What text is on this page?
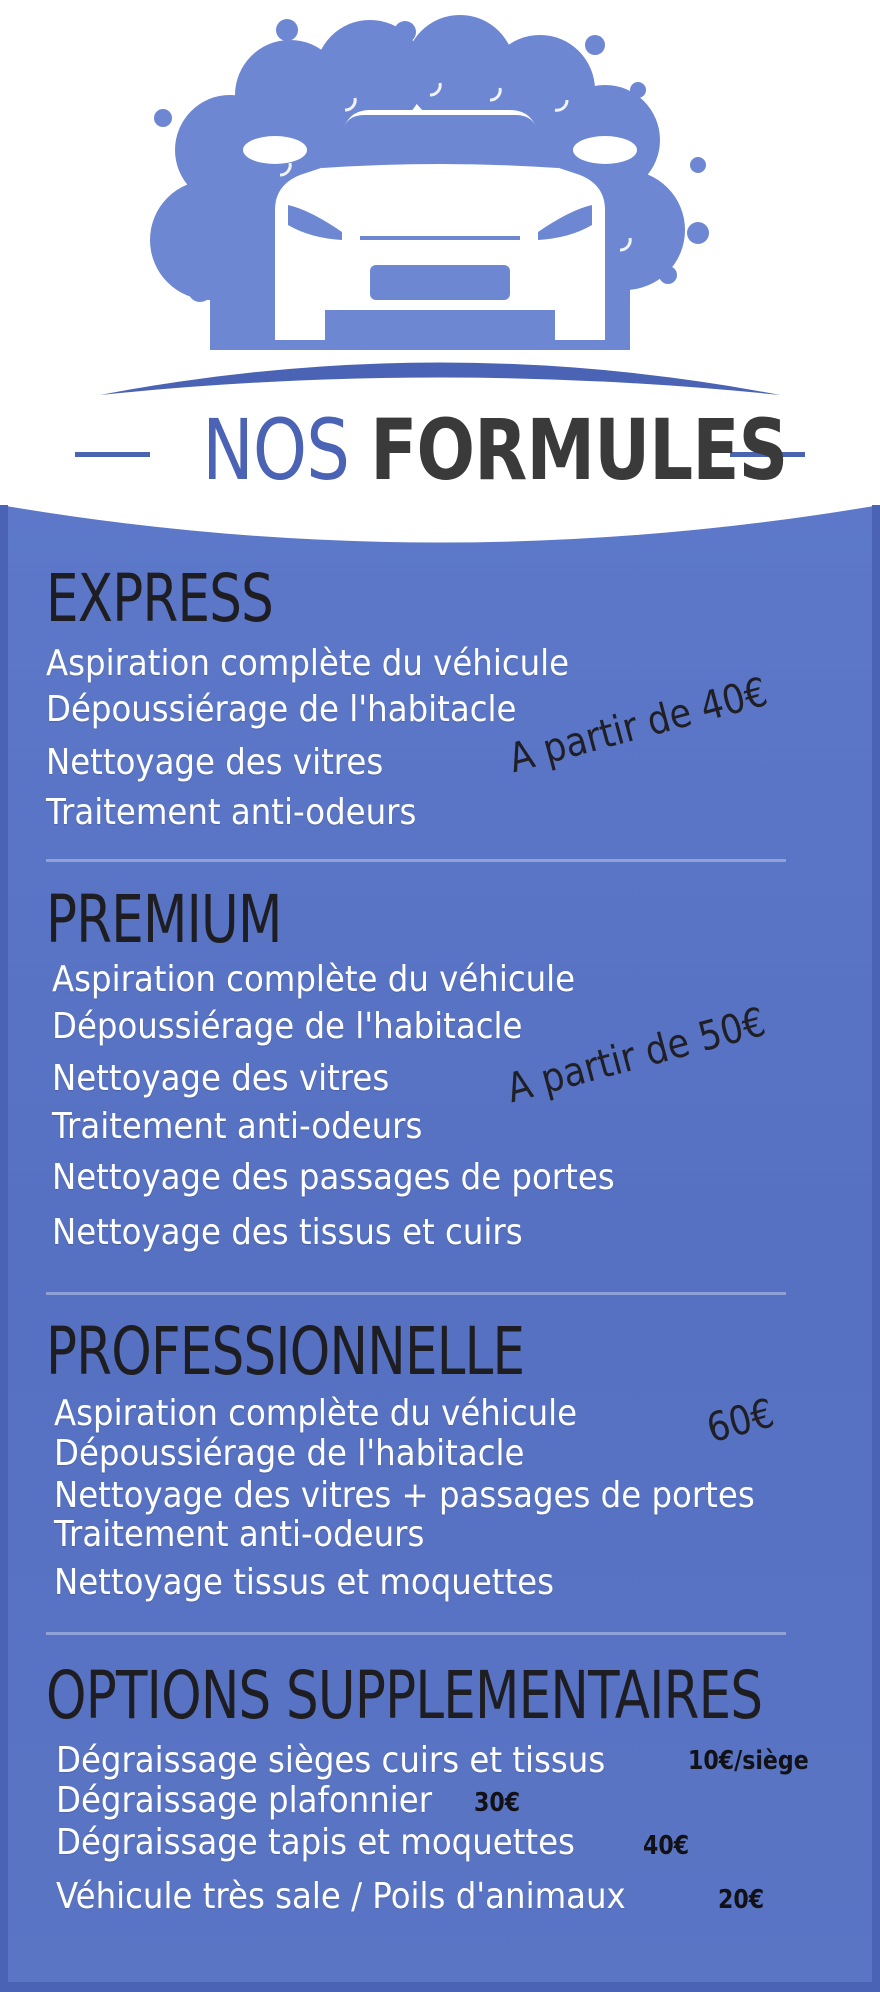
NOS FORMULES
EXPRESS

Aspiration complète du véhicule

Dépoussiérage de l'habitacle

Nettoyage des vitres

Traitement anti-odeurs

A partir de 40€

PREMIUM

Aspiration complète du véhicule

Dépoussiérage de l'habitacle

Nettoyage des vitres

Traitement anti-odeurs

Nettoyage des passages de portes

Nettoyage des tissus et cuirs

A partir de 50€

PROFESSIONNELLE

Aspiration complète du véhicule

Dépoussiérage de l'habitacle

Nettoyage des vitres + passages de portes

Traitement anti-odeurs

Nettoyage tissus et moquettes

60€

OPTIONS SUPPLEMENTAIRES

Dégraissage sièges cuirs et tissus	10€/siège

Dégraissage plafonnier 30€

Dégraissage tapis et moquettes	40€

Véhicule très sale / Poils d'animaux	20€
